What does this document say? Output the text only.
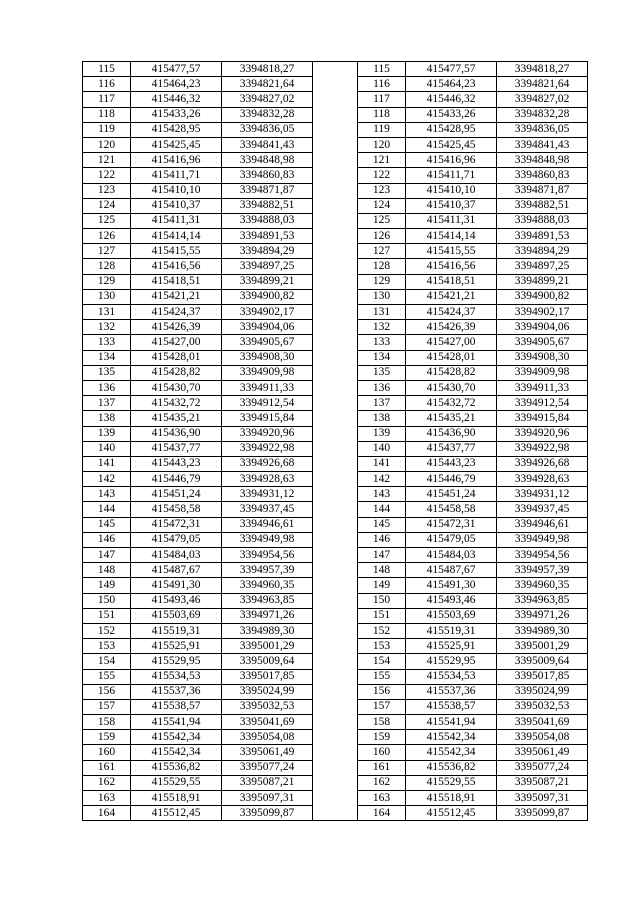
115	415477,57	3394818,27		115	415477,57	3394818,27
116	415464,23	3394821,64		116	415464,23	3394821,64
117	415446,32	3394827,02		117	415446,32	3394827,02
118	415433,26	3394832,28		118	415433,26	3394832,28
119	415428,95	3394836,05		119	415428,95	3394836,05
120	415425,45	3394841,43		120	415425,45	3394841,43
121	415416,96	3394848,98		121	415416,96	3394848,98
122	415411,71	3394860,83		122	415411,71	3394860,83
123	415410,10	3394871,87		123	415410,10	3394871,87
124	415410,37	3394882,51		124	415410,37	3394882,51
125	415411,31	3394888,03		125	415411,31	3394888,03
126	415414,14	3394891,53		126	415414,14	3394891,53
127	415415,55	3394894,29		127	415415,55	3394894,29
128	415416,56	3394897,25		128	415416,56	3394897,25
129	415418,51	3394899,21		129	415418,51	3394899,21
130	415421,21	3394900,82		130	415421,21	3394900,82
131	415424,37	3394902,17		131	415424,37	3394902,17
132	415426,39	3394904,06		132	415426,39	3394904,06
133	415427,00	3394905,67		133	415427,00	3394905,67
134	415428,01	3394908,30		134	415428,01	3394908,30
135	415428,82	3394909,98		135	415428,82	3394909,98
136	415430,70	3394911,33		136	415430,70	3394911,33
137	415432,72	3394912,54		137	415432,72	3394912,54
138	415435,21	3394915,84		138	415435,21	3394915,84
139	415436,90	3394920,96		139	415436,90	3394920,96
140	415437,77	3394922,98		140	415437,77	3394922,98
141	415443,23	3394926,68		141	415443,23	3394926,68
142	415446,79	3394928,63		142	415446,79	3394928,63
143	415451,24	3394931,12		143	415451,24	3394931,12
144	415458,58	3394937,45		144	415458,58	3394937,45
145	415472,31	3394946,61		145	415472,31	3394946,61
146	415479,05	3394949,98		146	415479,05	3394949,98
147	415484,03	3394954,56		147	415484,03	3394954,56
148	415487,67	3394957,39		148	415487,67	3394957,39
149	415491,30	3394960,35		149	415491,30	3394960,35
150	415493,46	3394963,85		150	415493,46	3394963,85
151	415503,69	3394971,26		151	415503,69	3394971,26
152	415519,31	3394989,30		152	415519,31	3394989,30
153	415525,91	3395001,29		153	415525,91	3395001,29
154	415529,95	3395009,64		154	415529,95	3395009,64
155	415534,53	3395017,85		155	415534,53	3395017,85
156	415537,36	3395024,99		156	415537,36	3395024,99
157	415538,57	3395032,53		157	415538,57	3395032,53
158	415541,94	3395041,69		158	415541,94	3395041,69
159	415542,34	3395054,08		159	415542,34	3395054,08
160	415542,34	3395061,49		160	415542,34	3395061,49
161	415536,82	3395077,24		161	415536,82	3395077,24
162	415529,55	3395087,21		162	415529,55	3395087,21
163	415518,91	3395097,31		163	415518,91	3395097,31
164	415512,45	3395099,87		164	415512,45	3395099,87
